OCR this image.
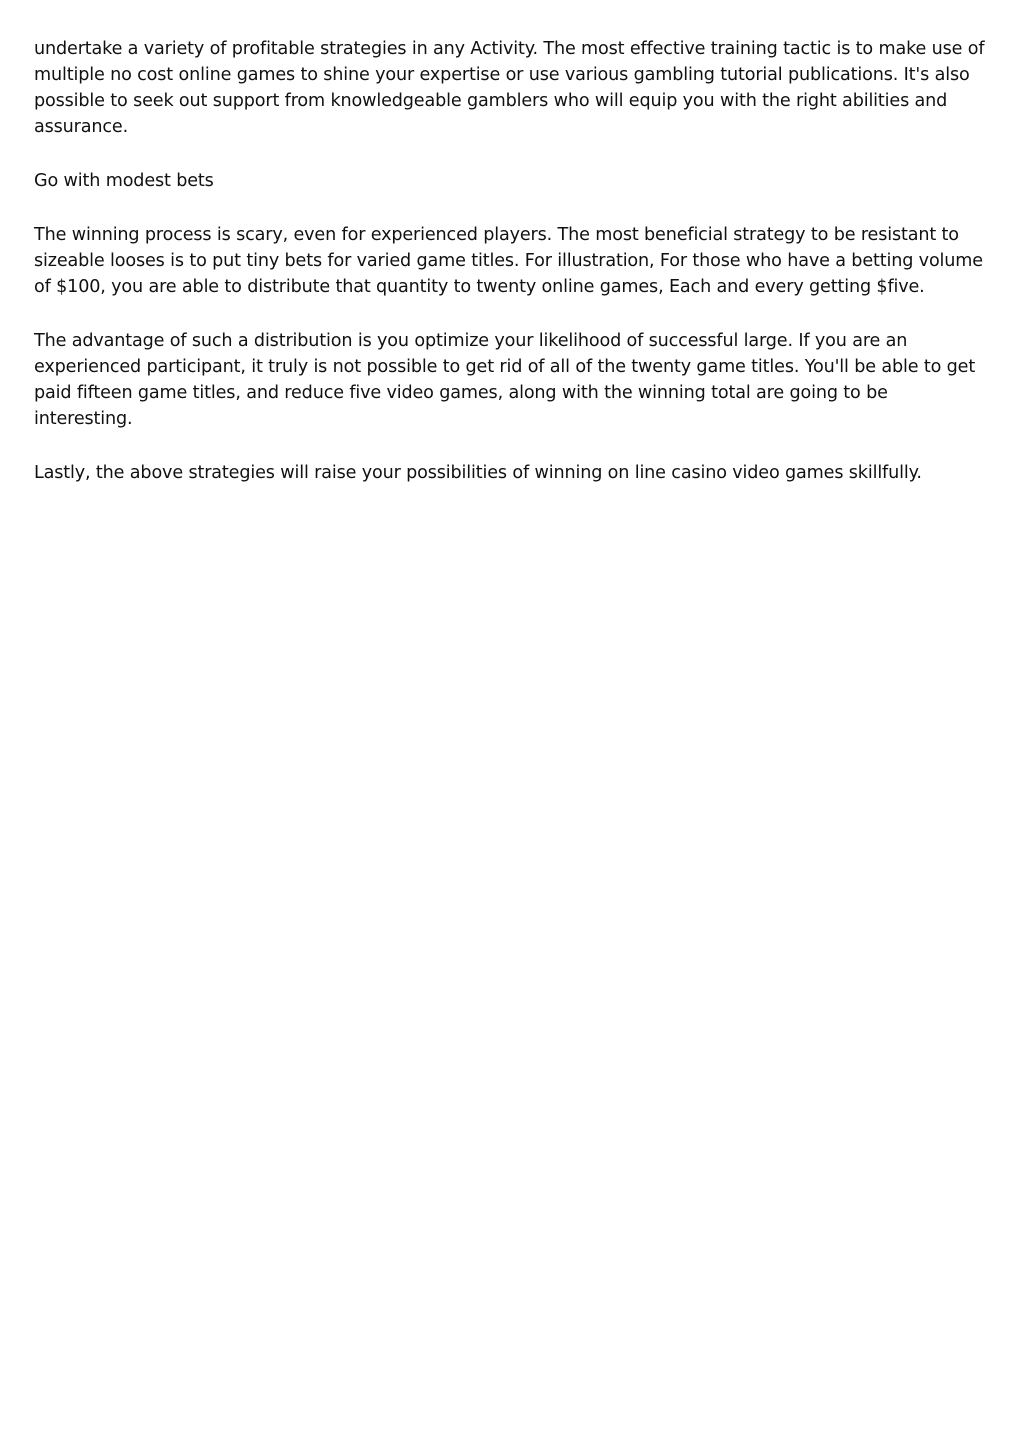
undertake a variety of profitable strategies in any Activity. The most effective training tactic is to make use of multiple no cost online games to shine your expertise or use various gambling tutorial publications. It's also possible to seek out support from knowledgeable gamblers who will equip you with the right abilities and assurance.

Go with modest bets

The winning process is scary, even for experienced players. The most beneficial strategy to be resistant to sizeable looses is to put tiny bets for varied game titles. For illustration, For those who have a betting volume of $100, you are able to distribute that quantity to twenty online games, Each and every getting $five.

The advantage of such a distribution is you optimize your likelihood of successful large. If you are an experienced participant, it truly is not possible to get rid of all of the twenty game titles. You'll be able to get paid fifteen game titles, and reduce five video games, along with the winning total are going to be interesting.

Lastly, the above strategies will raise your possibilities of winning on line casino video games skillfully.
